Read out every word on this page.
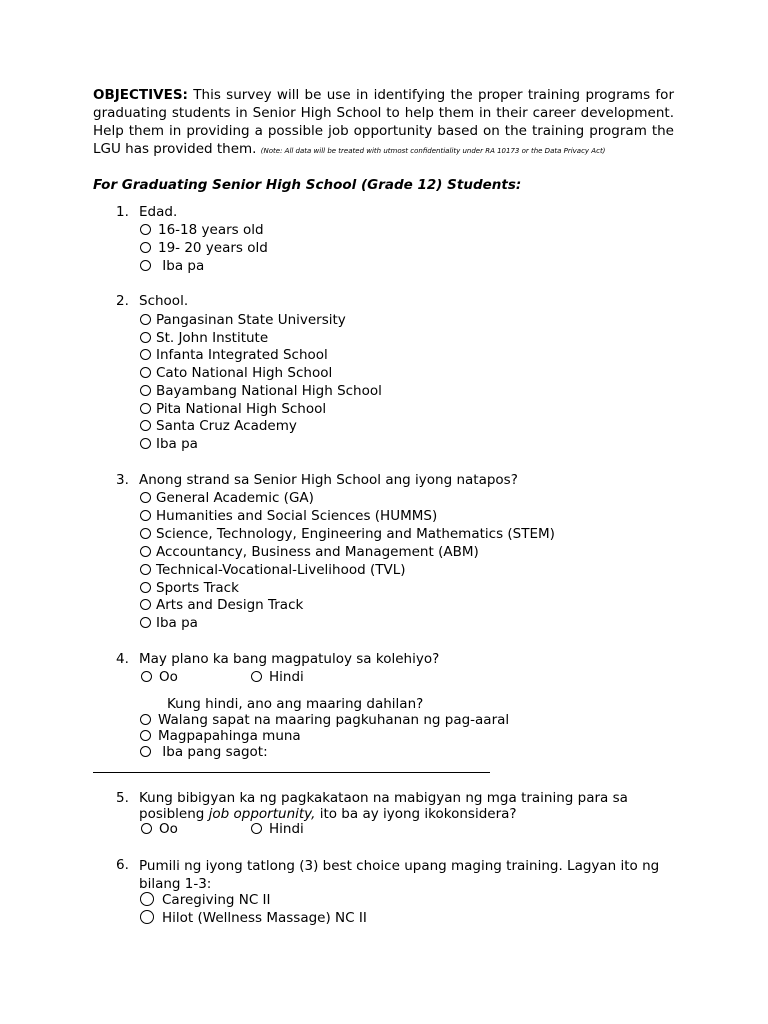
OBJECTIVES: This survey will be use in identifying the proper training programs for graduating students in Senior High School to help them in their career development. Help them in providing a possible job opportunity based on the training program the LGU has provided them. (Note: All data will be treated with utmost confidentiality under RA 10173 or the Data Privacy Act)
For Graduating Senior High School (Grade 12) Students:
1. Edad.
16-18 years old
19- 20 years old
Iba pa
2. School.
Pangasinan State University
St. John Institute
Infanta Integrated School
Cato National High School
Bayambang National High School
Pita National High School
Santa Cruz Academy
Iba pa
3. Anong strand sa Senior High School ang iyong natapos?
General Academic (GA)
Humanities and Social Sciences (HUMMS)
Science, Technology, Engineering and Mathematics (STEM)
Accountancy, Business and Management (ABM)
Technical-Vocational-Livelihood (TVL)
Sports Track
Arts and Design Track
Iba pa
4. May plano ka bang magpatuloy sa kolehiyo?
Oo	Hindi
Kung hindi, ano ang maaring dahilan?
Walang sapat na maaring pagkuhanan ng pag-aaral
Magpapahinga muna
Iba pang sagot:
5. Kung bibigyan ka ng pagkakataon na mabigyan ng mga training para sa posibleng job opportunity, ito ba ay iyong ikokonsidera?
Oo	Hindi
6. Pumili ng iyong tatlong (3) best choice upang maging training. Lagyan ito ng bilang 1-3:
Caregiving NC II
Hilot (Wellness Massage) NC II
